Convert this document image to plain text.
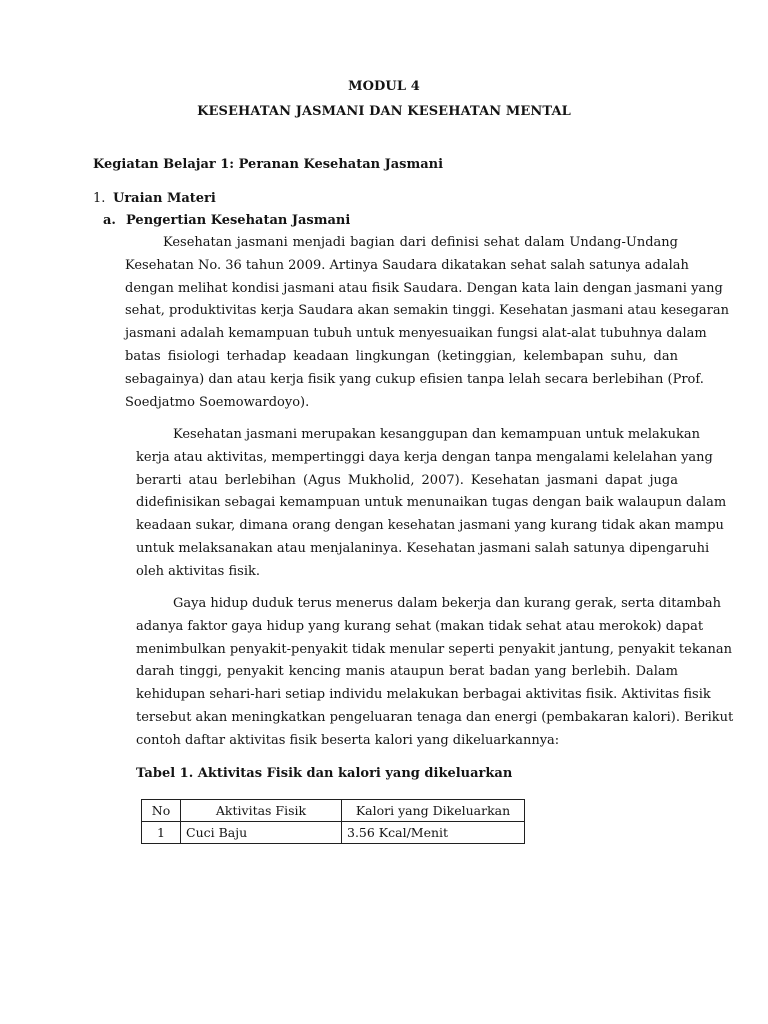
MODUL 4
KESEHATAN JASMANI DAN KESEHATAN MENTAL
Kegiatan Belajar 1: Peranan Kesehatan Jasmani
1. Uraian Materi
a. Pengertian Kesehatan Jasmani
Kesehatan jasmani menjadi bagian dari definisi sehat dalam Undang-Undang
Kesehatan No. 36 tahun 2009. Artinya Saudara dikatakan sehat salah satunya adalah
dengan melihat kondisi jasmani atau fisik Saudara. Dengan kata lain dengan jasmani yang
sehat, produktivitas kerja Saudara akan semakin tinggi. Kesehatan jasmani atau kesegaran
jasmani adalah kemampuan tubuh untuk menyesuaikan fungsi alat-alat tubuhnya dalam
batas fisiologi terhadap keadaan lingkungan (ketinggian, kelembapan suhu, dan
sebagainya) dan atau kerja fisik yang cukup efisien tanpa lelah secara berlebihan (Prof.
Soedjatmo Soemowardoyo).
Kesehatan jasmani merupakan kesanggupan dan kemampuan untuk melakukan
kerja atau aktivitas, mempertinggi daya kerja dengan tanpa mengalami kelelahan yang
berarti atau berlebihan (Agus Mukholid, 2007). Kesehatan jasmani dapat juga
didefinisikan sebagai kemampuan untuk menunaikan tugas dengan baik walaupun dalam
keadaan sukar, dimana orang dengan kesehatan jasmani yang kurang tidak akan mampu
untuk melaksanakan atau menjalaninya. Kesehatan jasmani salah satunya dipengaruhi
oleh aktivitas fisik.
Gaya hidup duduk terus menerus dalam bekerja dan kurang gerak, serta ditambah
adanya faktor gaya hidup yang kurang sehat (makan tidak sehat atau merokok) dapat
menimbulkan penyakit-penyakit tidak menular seperti penyakit jantung, penyakit tekanan
darah tinggi, penyakit kencing manis ataupun berat badan yang berlebih. Dalam
kehidupan sehari-hari setiap individu melakukan berbagai aktivitas fisik. Aktivitas fisik
tersebut akan meningkatkan pengeluaran tenaga dan energi (pembakaran kalori). Berikut
contoh daftar aktivitas fisik beserta kalori yang dikeluarkannya:
Tabel 1. Aktivitas Fisik dan kalori yang dikeluarkan
No	Aktivitas Fisik	Kalori yang Dikeluarkan
1	Cuci Baju	3.56 Kcal/Menit
